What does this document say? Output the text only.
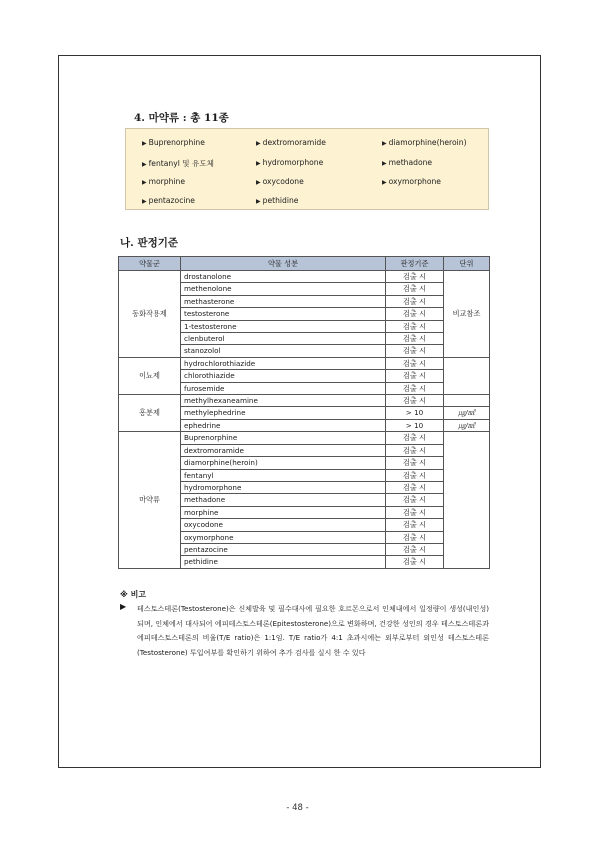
4. 마약류 : 총 11종
▶ Buprenorphine	▶ dextromoramide	▶ diamorphine(heroin)
▶ fentanyl 및 유도체	▶ hydromorphone	▶ methadone
▶ morphine	▶ oxycodone	▶ oxymorphone
▶ pentazocine	▶ pethidine
나. 판정기준
약물군	약물 성분	판정기준	단위
동화작용제	drostanolone	검출 시	비교참조
	methenolone	검출 시	
	methasterone	검출 시	
	testosterone	검출 시	
	1-testosterone	검출 시	
	clenbuterol	검출 시	
	stanozolol	검출 시	
이뇨제	hydrochlorothiazide	검출 시	
	chlorothiazide	검출 시	
	furosemide	검출 시	
흥분제	methylhexaneamine	검출 시	
	methylephedrine	> 10	㎍/㎖
	ephedrine	> 10	㎍/㎖
마약류	Buprenorphine	검출 시	
	dextromoramide	검출 시	
	diamorphine(heroin)	검출 시	
	fentanyl	검출 시	
	hydromorphone	검출 시	
	methadone	검출 시	
	morphine	검출 시	
	oxycodone	검출 시	
	oxymorphone	검출 시	
	pentazocine	검출 시	
	pethidine	검출 시	
※ 비고
▶ 테스토스테론(Testosterone)은 신체발육 및 필수대사에 필요한 호르몬으로서 인체내에서 일정량이 생성(내인성) 되며, 인체에서 대사되어 에피테스토스테론(Epitestosterone)으로 변화하며, 건강한 성인의 경우 테스토스테론과 에피테스토스테론의 비율(T/E ratio)은 1:1임. T/E ratio가 4:1 초과시에는 외부로부터 외인성 테스토스테론(Testosterone) 투입여부를 확인하기 위하여 추가 검사를 실시 한 수 있다
- 48 -
